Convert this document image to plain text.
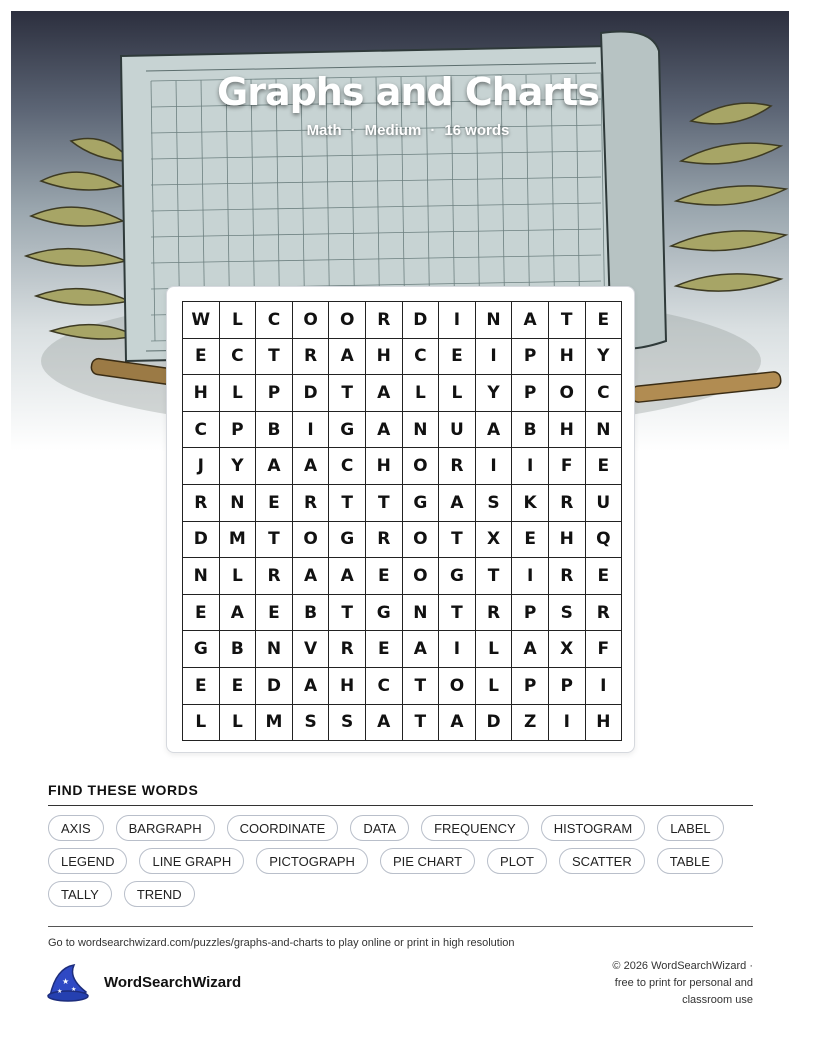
Graphs and Charts
Math · Medium · 16 words
W	L	C	O	O	R	D	I	N	A	T	E
E	C	T	R	A	H	C	E	I	P	H	Y
H	L	P	D	T	A	L	L	Y	P	O	C
C	P	B	I	G	A	N	U	A	B	H	N
J	Y	A	A	C	H	O	R	I	I	F	E
R	N	E	R	T	T	G	A	S	K	R	U
D	M	T	O	G	R	O	T	X	E	H	Q
N	L	R	A	A	E	O	G	T	I	R	E
E	A	E	B	T	G	N	T	R	P	S	R
G	B	N	V	R	E	A	I	L	A	X	F
E	E	D	A	H	C	T	O	L	P	P	I
L	L	M	S	S	A	T	A	D	Z	I	H
FIND THESE WORDS
AXIS	BARGRAPH	COORDINATE	DATA	FREQUENCY	HISTOGRAM	LABEL
LEGEND	LINE GRAPH	PICTOGRAPH	PIE CHART	PLOT	SCATTER	TABLE
TALLY	TREND
Go to wordsearchwizard.com/puzzles/graphs-and-charts to play online or print in high resolution
★
★
★
WordSearchWizard
© 2026 WordSearchWizard ·
free to print for personal and
classroom use
